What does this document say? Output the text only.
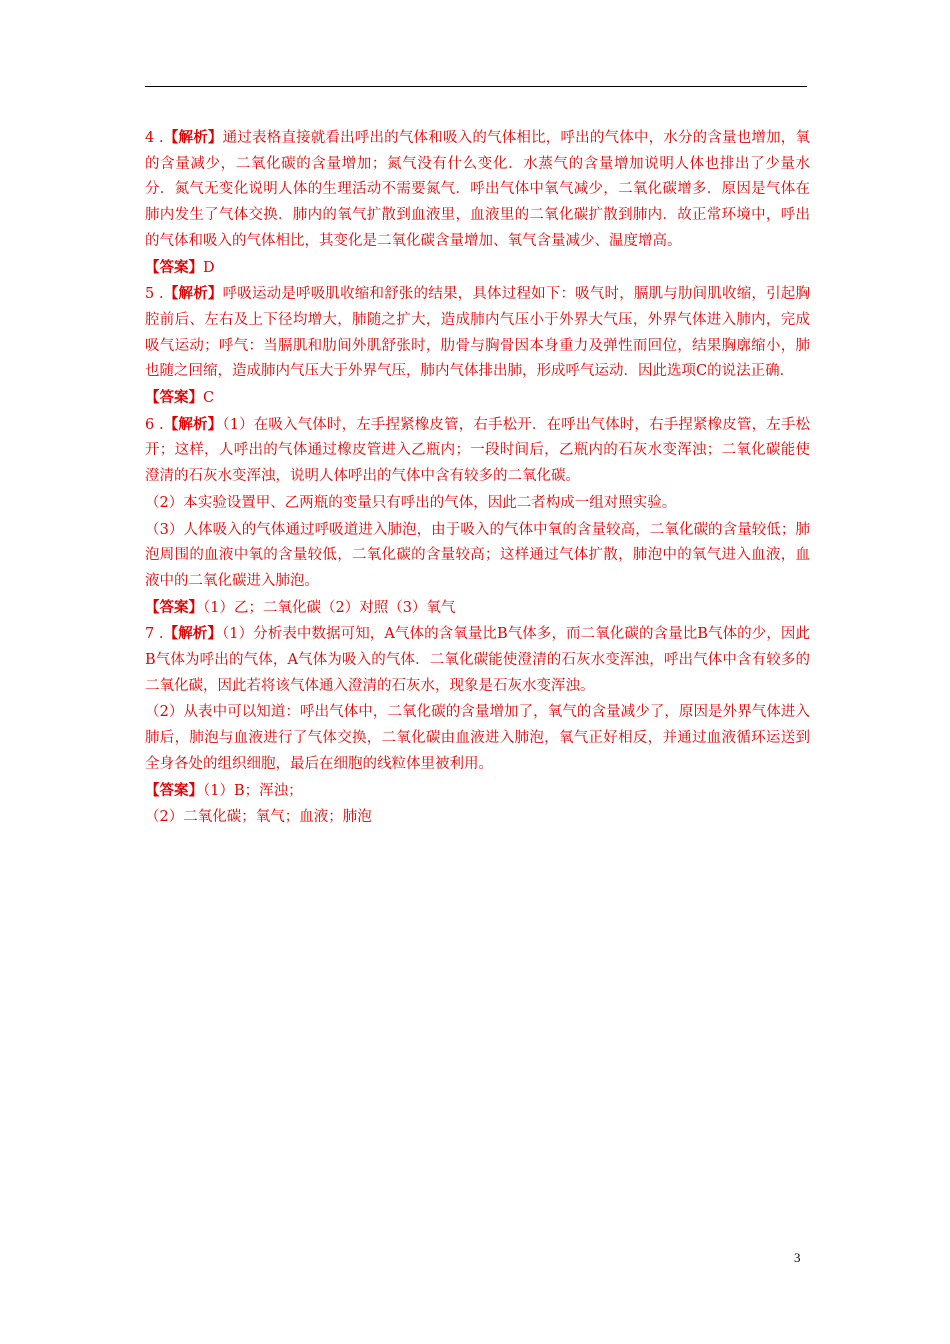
4 .【解析】通过表格直接就看出呼出的气体和吸入的气体相比，呼出的气体中，水分的含量也增加，氧的含量减少，二氧化碳的含量增加；氮气没有什么变化．水蒸气的含量增加说明人体也排出了少量水分．氮气无变化说明人体的生理活动不需要氮气．呼出气体中氧气减少，二氧化碳增多．原因是气体在肺内发生了气体交换．肺内的氧气扩散到血液里，血液里的二氧化碳扩散到肺内．故正常环境中，呼出的气体和吸入的气体相比，其变化是二氧化碳含量增加、氧气含量减少、温度增高。

【答案】D

5 .【解析】呼吸运动是呼吸肌收缩和舒张的结果，具体过程如下：吸气时，膈肌与肋间肌收缩，引起胸腔前后、左右及上下径均增大，肺随之扩大，造成肺内气压小于外界大气压，外界气体进入肺内，完成吸气运动；呼气：当膈肌和肋间外肌舒张时，肋骨与胸骨因本身重力及弹性而回位，结果胸廓缩小，肺也随之回缩，造成肺内气压大于外界气压，肺内气体排出肺，形成呼气运动．因此选项C的说法正确．

【答案】C

6 .【解析】（1）在吸入气体时，左手捏紧橡皮管，右手松开．在呼出气体时，右手捏紧橡皮管，左手松开；这样，人呼出的气体通过橡皮管进入乙瓶内；一段时间后，乙瓶内的石灰水变浑浊；二氧化碳能使澄清的石灰水变浑浊，说明人体呼出的气体中含有较多的二氧化碳。

（2）本实验设置甲、乙两瓶的变量只有呼出的气体，因此二者构成一组对照实验。

（3）人体吸入的气体通过呼吸道进入肺泡，由于吸入的气体中氧的含量较高，二氧化碳的含量较低；肺泡周围的血液中氧的含量较低，二氧化碳的含量较高；这样通过气体扩散，肺泡中的氧气进入血液，血液中的二氧化碳进入肺泡。

【答案】（1）乙；二氧化碳（2）对照（3）氧气

7 .【解析】（1）分析表中数据可知，A气体的含氧量比B气体多，而二氧化碳的含量比B气体的少，因此B气体为呼出的气体，A气体为吸入的气体．二氧化碳能使澄清的石灰水变浑浊，呼出气体中含有较多的二氧化碳，因此若将该气体通入澄清的石灰水，现象是石灰水变浑浊。

（2）从表中可以知道：呼出气体中，二氧化碳的含量增加了，氧气的含量减少了，原因是外界气体进入肺后，肺泡与血液进行了气体交换，二氧化碳由血液进入肺泡，氧气正好相反，并通过血液循环运送到全身各处的组织细胞，最后在细胞的线粒体里被利用。

【答案】（1）B；浑浊；

（2）二氧化碳；氧气；血液；肺泡

3
